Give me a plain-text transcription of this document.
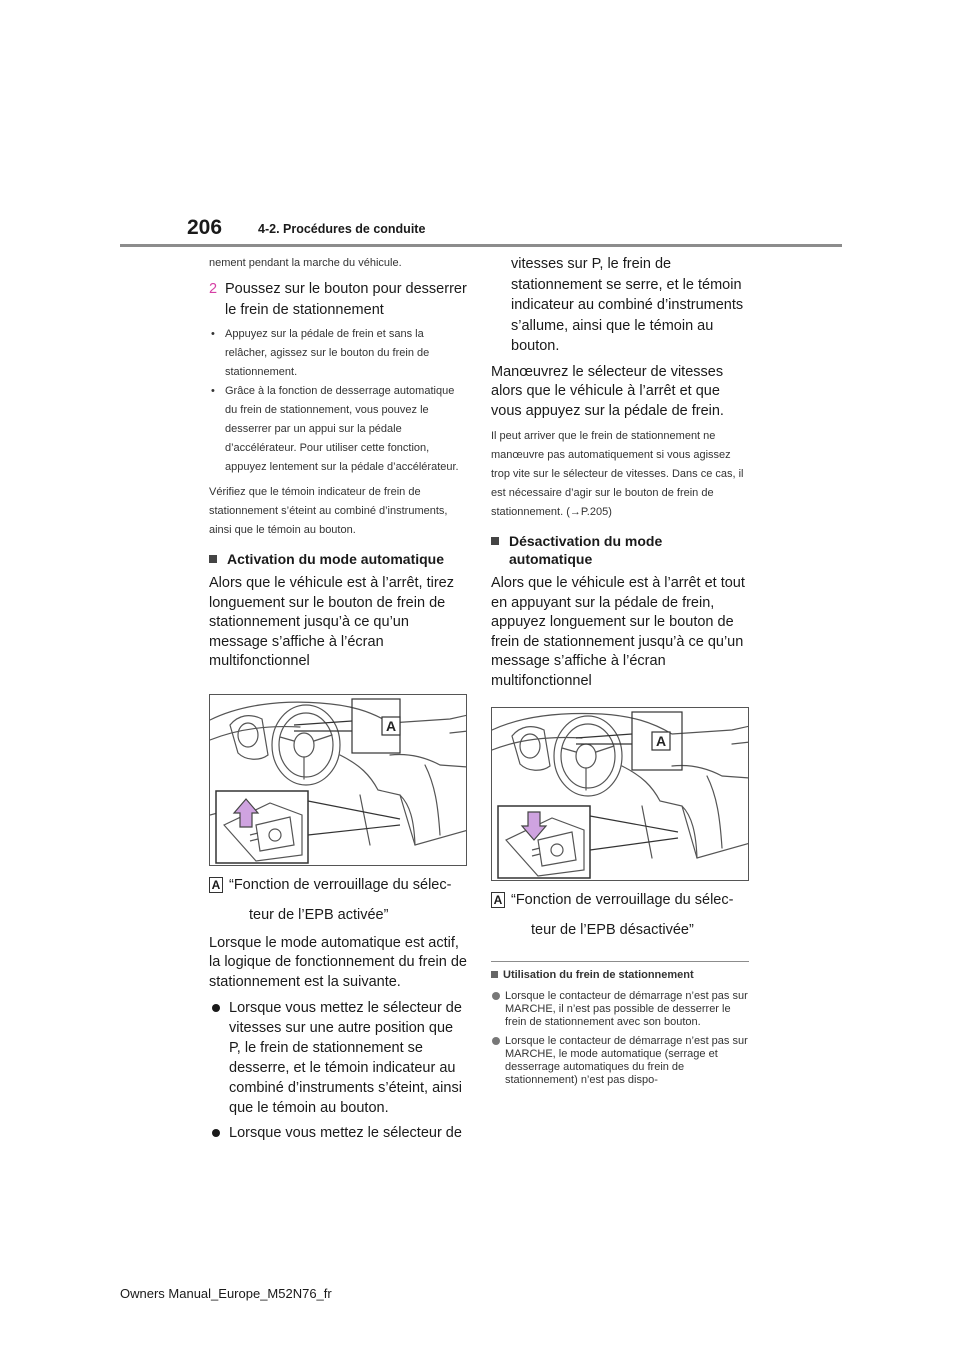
206	4-2. Procédures de conduite

nement pendant la marche du véhicule.

2 Poussez sur le bouton pour desserrer le frein de stationnement
• Appuyez sur la pédale de frein et sans la relâcher, agissez sur le bouton du frein de stationnement.
• Grâce à la fonction de desserrage automatique du frein de stationnement, vous pouvez le desserrer par un appui sur la pédale d’accélérateur. Pour utiliser cette fonction, appuyez lentement sur la pédale d’accélérateur.

Vérifiez que le témoin indicateur de frein de stationnement s’éteint au combiné d’instruments, ainsi que le témoin au bouton.

Activation du mode automatique

Alors que le véhicule est à l’arrêt, tirez longuement sur le bouton de frein de stationnement jusqu’à ce qu’un message s’affiche à l’écran multifonctionnel

A
A “Fonction de verrouillage du sélec-
teur de l’EPB activée”

Lorsque le mode automatique est actif, la logique de fonctionnement du frein de stationnement est la suivante.

Lorsque vous mettez le sélecteur de vitesses sur une autre position que P, le frein de stationnement se desserre, et le témoin indicateur au combiné d’instruments s’éteint, ainsi que le témoin au bouton.
Lorsque vous mettez le sélecteur de

vitesses sur P, le frein de stationnement se serre, et le témoin indicateur au combiné d’instruments s’allume, ainsi que le témoin au bouton.

Manœuvrez le sélecteur de vitesses alors que le véhicule à l’arrêt et que vous appuyez sur la pédale de frein.

Il peut arriver que le frein de stationnement ne manœuvre pas automatiquement si vous agissez trop vite sur le sélecteur de vitesses. Dans ce cas, il est nécessaire d’agir sur le bouton de frein de stationnement. (→P.205)

Désactivation du mode automatique

Alors que le véhicule est à l’arrêt et tout en appuyant sur la pédale de frein, appuyez longuement sur le bouton de frein de stationnement jusqu’à ce qu’un message s’affiche à l’écran multifonctionnel

A
A “Fonction de verrouillage du sélec-
teur de l’EPB désactivée”
Utilisation du frein de stationnement
Lorsque le contacteur de démarrage n’est pas sur MARCHE, il n’est pas possible de desserrer le frein de stationnement avec son bouton.
Lorsque le contacteur de démarrage n’est pas sur MARCHE, le mode automatique (serrage et desserrage automatiques du frein de stationnement) n’est pas dispo-
Owners Manual_Europe_M52N76_fr
